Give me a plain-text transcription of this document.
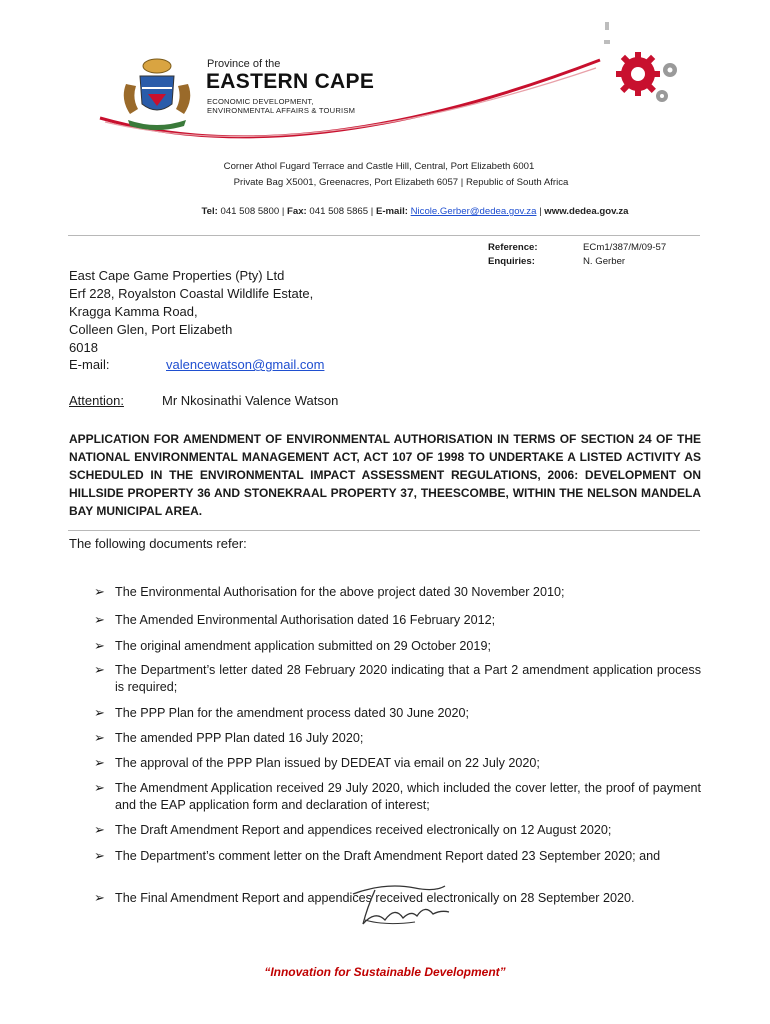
Province of the
EASTERN CAPE
ECONOMIC DEVELOPMENT,
ENVIRONMENTAL AFFAIRS & TOURISM
Corner Athol Fugard Terrace and Castle Hill, Central, Port Elizabeth 6001
Private Bag X5001, Greenacres, Port Elizabeth 6057 | Republic of South Africa
Tel: 041 508 5800 | Fax: 041 508 5865 | E-mail: Nicole.Gerber@dedea.gov.za | www.dedea.gov.za
Reference:	ECm1/387/M/09-57
Enquiries:	N. Gerber
East Cape Game Properties (Pty) Ltd
Erf 228, Royalston Coastal Wildlife Estate,
Kragga Kamma Road,
Colleen Glen, Port Elizabeth
6018
E-mail:	valencewatson@gmail.com
Attention:	Mr Nkosinathi Valence Watson
APPLICATION FOR AMENDMENT OF ENVIRONMENTAL AUTHORISATION IN TERMS OF SECTION 24 OF THE NATIONAL ENVIRONMENTAL MANAGEMENT ACT, ACT 107 OF 1998 TO UNDERTAKE A LISTED ACTIVITY AS SCHEDULED IN THE ENVIRONMENTAL IMPACT ASSESSMENT REGULATIONS, 2006: DEVELOPMENT ON HILLSIDE PROPERTY 36 AND STONEKRAAL PROPERTY 37, THEESCOMBE, WITHIN THE NELSON MANDELA BAY MUNICIPAL AREA.
The following documents refer:
➢ The Environmental Authorisation for the above project dated 30 November 2010;
➢ The Amended Environmental Authorisation dated 16 February 2012;
➢ The original amendment application submitted on 29 October 2019;
➢ The Department’s letter dated 28 February 2020 indicating that a Part 2 amendment application process is required;
➢ The PPP Plan for the amendment process dated 30 June 2020;
➢ The amended PPP Plan dated 16 July 2020;
➢ The approval of the PPP Plan issued by DEDEAT via email on 22 July 2020;
➢ The Amendment Application received 29 July 2020, which included the cover letter, the proof of payment and the EAP application form and declaration of interest;
➢ The Draft Amendment Report and appendices received electronically on 12 August 2020;
➢ The Department’s comment letter on the Draft Amendment Report dated 23 September 2020; and
➢ The Final Amendment Report and appendices received electronically on 28 September 2020.
“Innovation for Sustainable Development”
